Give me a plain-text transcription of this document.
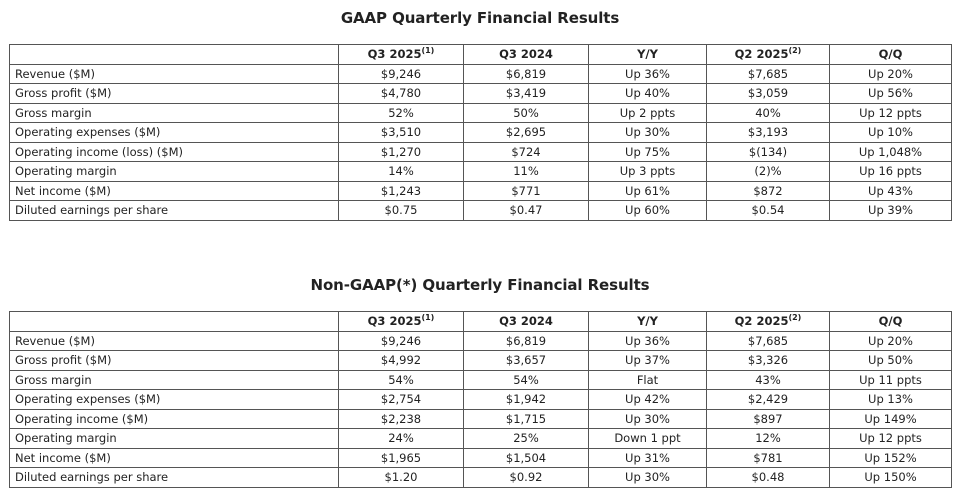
GAAP Quarterly Financial Results
	Q3 2025$^{(1)}$	Q3 2024	Y/Y	Q2 2025$^{(2)}$	Q/Q
Revenue ($M)	$9,246	$6,819	Up 36%	$7,685	Up 20%
Gross profit ($M)	$4,780	$3,419	Up 40%	$3,059	Up 56%
Gross margin	52%	50%	Up 2 ppts	40%	Up 12 ppts
Operating expenses ($M)	$3,510	$2,695	Up 30%	$3,193	Up 10%
Operating income (loss) ($M)	$1,270	$724	Up 75%	$(134)	Up 1,048%
Operating margin	14%	11%	Up 3 ppts	(2)%	Up 16 ppts
Net income ($M)	$1,243	$771	Up 61%	$872	Up 43%
Diluted earnings per share	$0.75	$0.47	Up 60%	$0.54	Up 39%
Non-GAAP(*) Quarterly Financial Results
	Q3 2025$^{(1)}$	Q3 2024	Y/Y	Q2 2025$^{(2)}$	Q/Q
Revenue ($M)	$9,246	$6,819	Up 36%	$7,685	Up 20%
Gross profit ($M)	$4,992	$3,657	Up 37%	$3,326	Up 50%
Gross margin	54%	54%	Flat	43%	Up 11 ppts
Operating expenses ($M)	$2,754	$1,942	Up 42%	$2,429	Up 13%
Operating income ($M)	$2,238	$1,715	Up 30%	$897	Up 149%
Operating margin	24%	25%	Down 1 ppt	12%	Up 12 ppts
Net income ($M)	$1,965	$1,504	Up 31%	$781	Up 152%
Diluted earnings per share	$1.20	$0.92	Up 30%	$0.48	Up 150%
